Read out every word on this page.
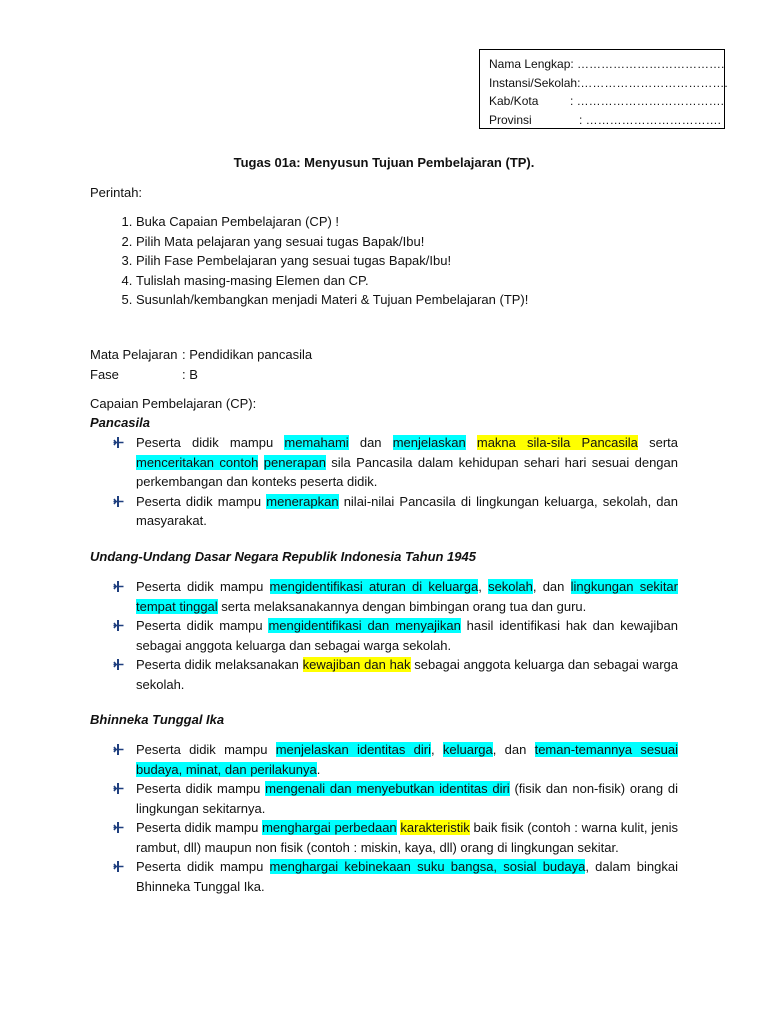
Nama Lengkap : ……………………………….
Instansi/Sekolah :……………………………….
Kab/Kota	: ……………………………….
Provinsi	: …………………………….
Tugas 01a: Menyusun Tujuan Pembelajaran (TP).
Perintah:
1. Buka Capaian Pembelajaran (CP) !
2. Pilih Mata pelajaran yang sesuai tugas Bapak/Ibu!
3. Pilih Fase Pembelajaran yang sesuai tugas Bapak/Ibu!
4. Tulislah masing-masing Elemen dan CP.
5. Susunlah/kembangkan menjadi Materi & Tujuan Pembelajaran (TP)!
Mata Pelajaran : Pendidikan pancasila
Fase	: B
Capaian Pembelajaran (CP):
Pancasila
Peserta didik mampu memahami dan menjelaskan makna sila-sila Pancasila serta menceritakan contoh penerapan sila Pancasila dalam kehidupan sehari hari sesuai dengan perkembangan dan konteks peserta didik.
Peserta didik mampu menerapkan nilai-nilai Pancasila di lingkungan keluarga, sekolah, dan masyarakat.
Undang-Undang Dasar Negara Republik Indonesia Tahun 1945
Peserta didik mampu mengidentifikasi aturan di keluarga, sekolah, dan lingkungan sekitar tempat tinggal serta melaksanakannya dengan bimbingan orang tua dan guru.
Peserta didik mampu mengidentifikasi dan menyajikan hasil identifikasi hak dan kewajiban sebagai anggota keluarga dan sebagai warga sekolah.
Peserta didik melaksanakan kewajiban dan hak sebagai anggota keluarga dan sebagai warga sekolah.
Bhinneka Tunggal Ika
Peserta didik mampu menjelaskan identitas diri, keluarga, dan teman-temannya sesuai budaya, minat, dan perilakunya.
Peserta didik mampu mengenali dan menyebutkan identitas diri (fisik dan non-fisik) orang di lingkungan sekitarnya.
Peserta didik mampu menghargai perbedaan karakteristik baik fisik (contoh : warna kulit, jenis rambut, dll) maupun non fisik (contoh : miskin, kaya, dll) orang di lingkungan sekitar.
Peserta didik mampu menghargai kebinekaan suku bangsa, sosial budaya, dalam bingkai Bhinneka Tunggal Ika.
